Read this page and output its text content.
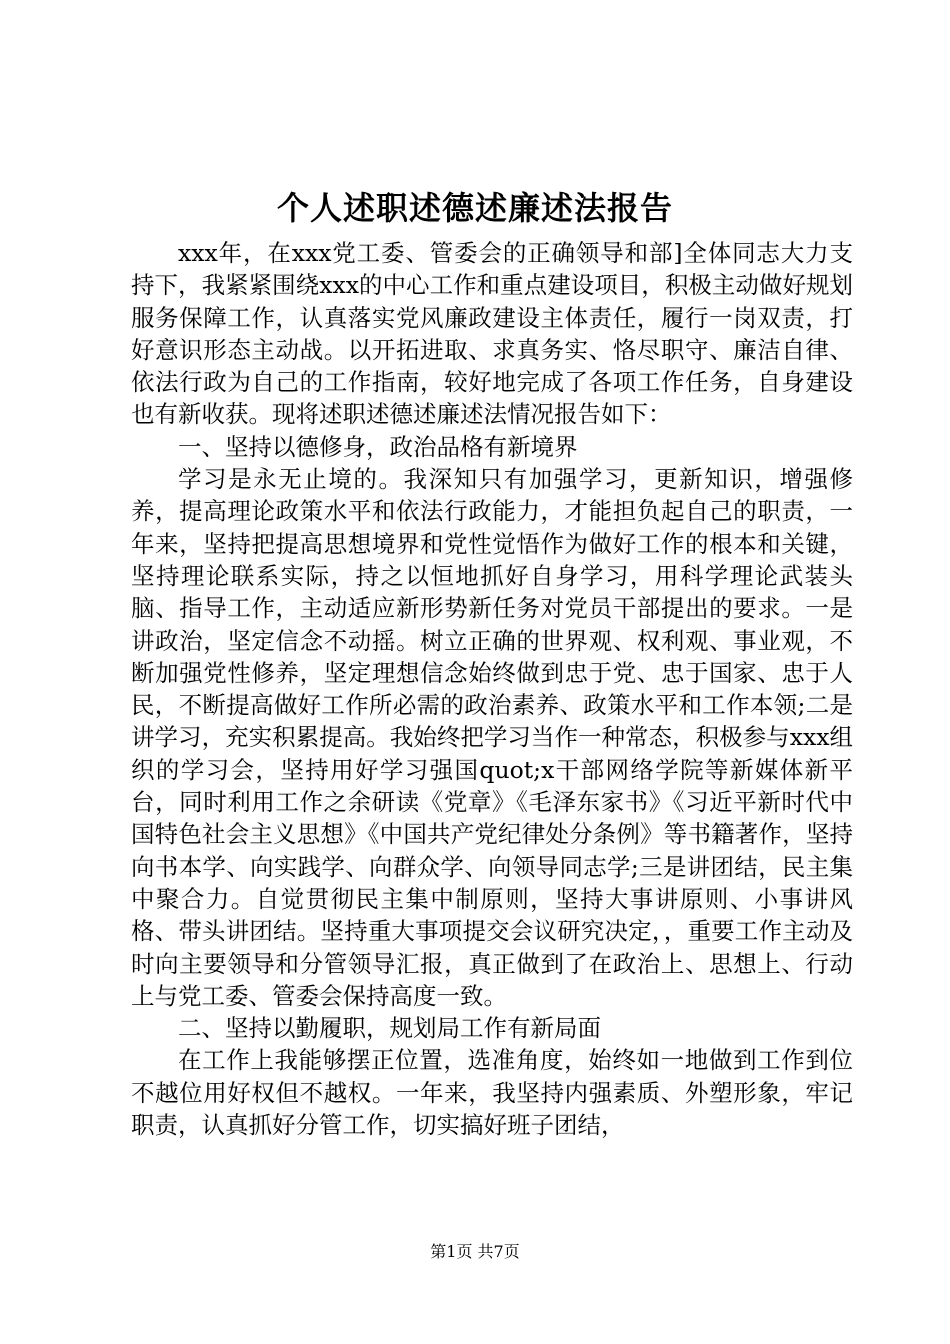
个人述职述德述廉述法报告

xxx年，在xxx党工委、管委会的正确领导和部]全体同志大力支持下，我紧紧围绕xxx的中心工作和重点建设项目，积极主动做好规划服务保障工作，认真落实党风廉政建设主体责任，履行一岗双责，打好意识形态主动战。以开拓进取、求真务实、恪尽职守、廉洁自律、依法行政为自己的工作指南，较好地完成了各项工作任务，自身建设也有新收获。现将述职述德述廉述法情况报告如下：

一、坚持以德修身，政治品格有新境界

学习是永无止境的。我深知只有加强学习，更新知识，增强修养，提高理论政策水平和依法行政能力，才能担负起自己的职责，一年来，坚持把提高思想境界和党性觉悟作为做好工作的根本和关键，坚持理论联系实际，持之以恒地抓好自身学习，用科学理论武装头脑、指导工作，主动适应新形势新任务对党员干部提出的要求。一是讲政治，坚定信念不动摇。树立正确的世界观、权利观、事业观，不断加强党性修养，坚定理想信念始终做到忠于党、忠于国家、忠于人民，不断提高做好工作所必需的政治素养、政策水平和工作本领;二是讲学习，充实积累提高。我始终把学习当作一种常态，积极参与xxx组织的学习会，坚持用好学习强国quot;x干部网络学院等新媒体新平台，同时利用工作之余研读《党章》《毛泽东家书》《习近平新时代中国特色社会主义思想》《中国共产党纪律处分条例》等书籍著作，坚持向书本学、向实践学、向群众学、向领导同志学;三是讲团结，民主集中聚合力。自觉贯彻民主集中制原则，坚持大事讲原则、小事讲风格、带头讲团结。坚持重大事项提交会议研究决定，，重要工作主动及时向主要领导和分管领导汇报，真正做到了在政治上、思想上、行动上与党工委、管委会保持高度一致。

二、坚持以勤履职，规划局工作有新局面

在工作上我能够摆正位置，选准角度，始终如一地做到工作到位不越位用好权但不越权。一年来，我坚持内强素质、外塑形象，牢记职责，认真抓好分管工作，切实搞好班子团结，

第1页 共7页
